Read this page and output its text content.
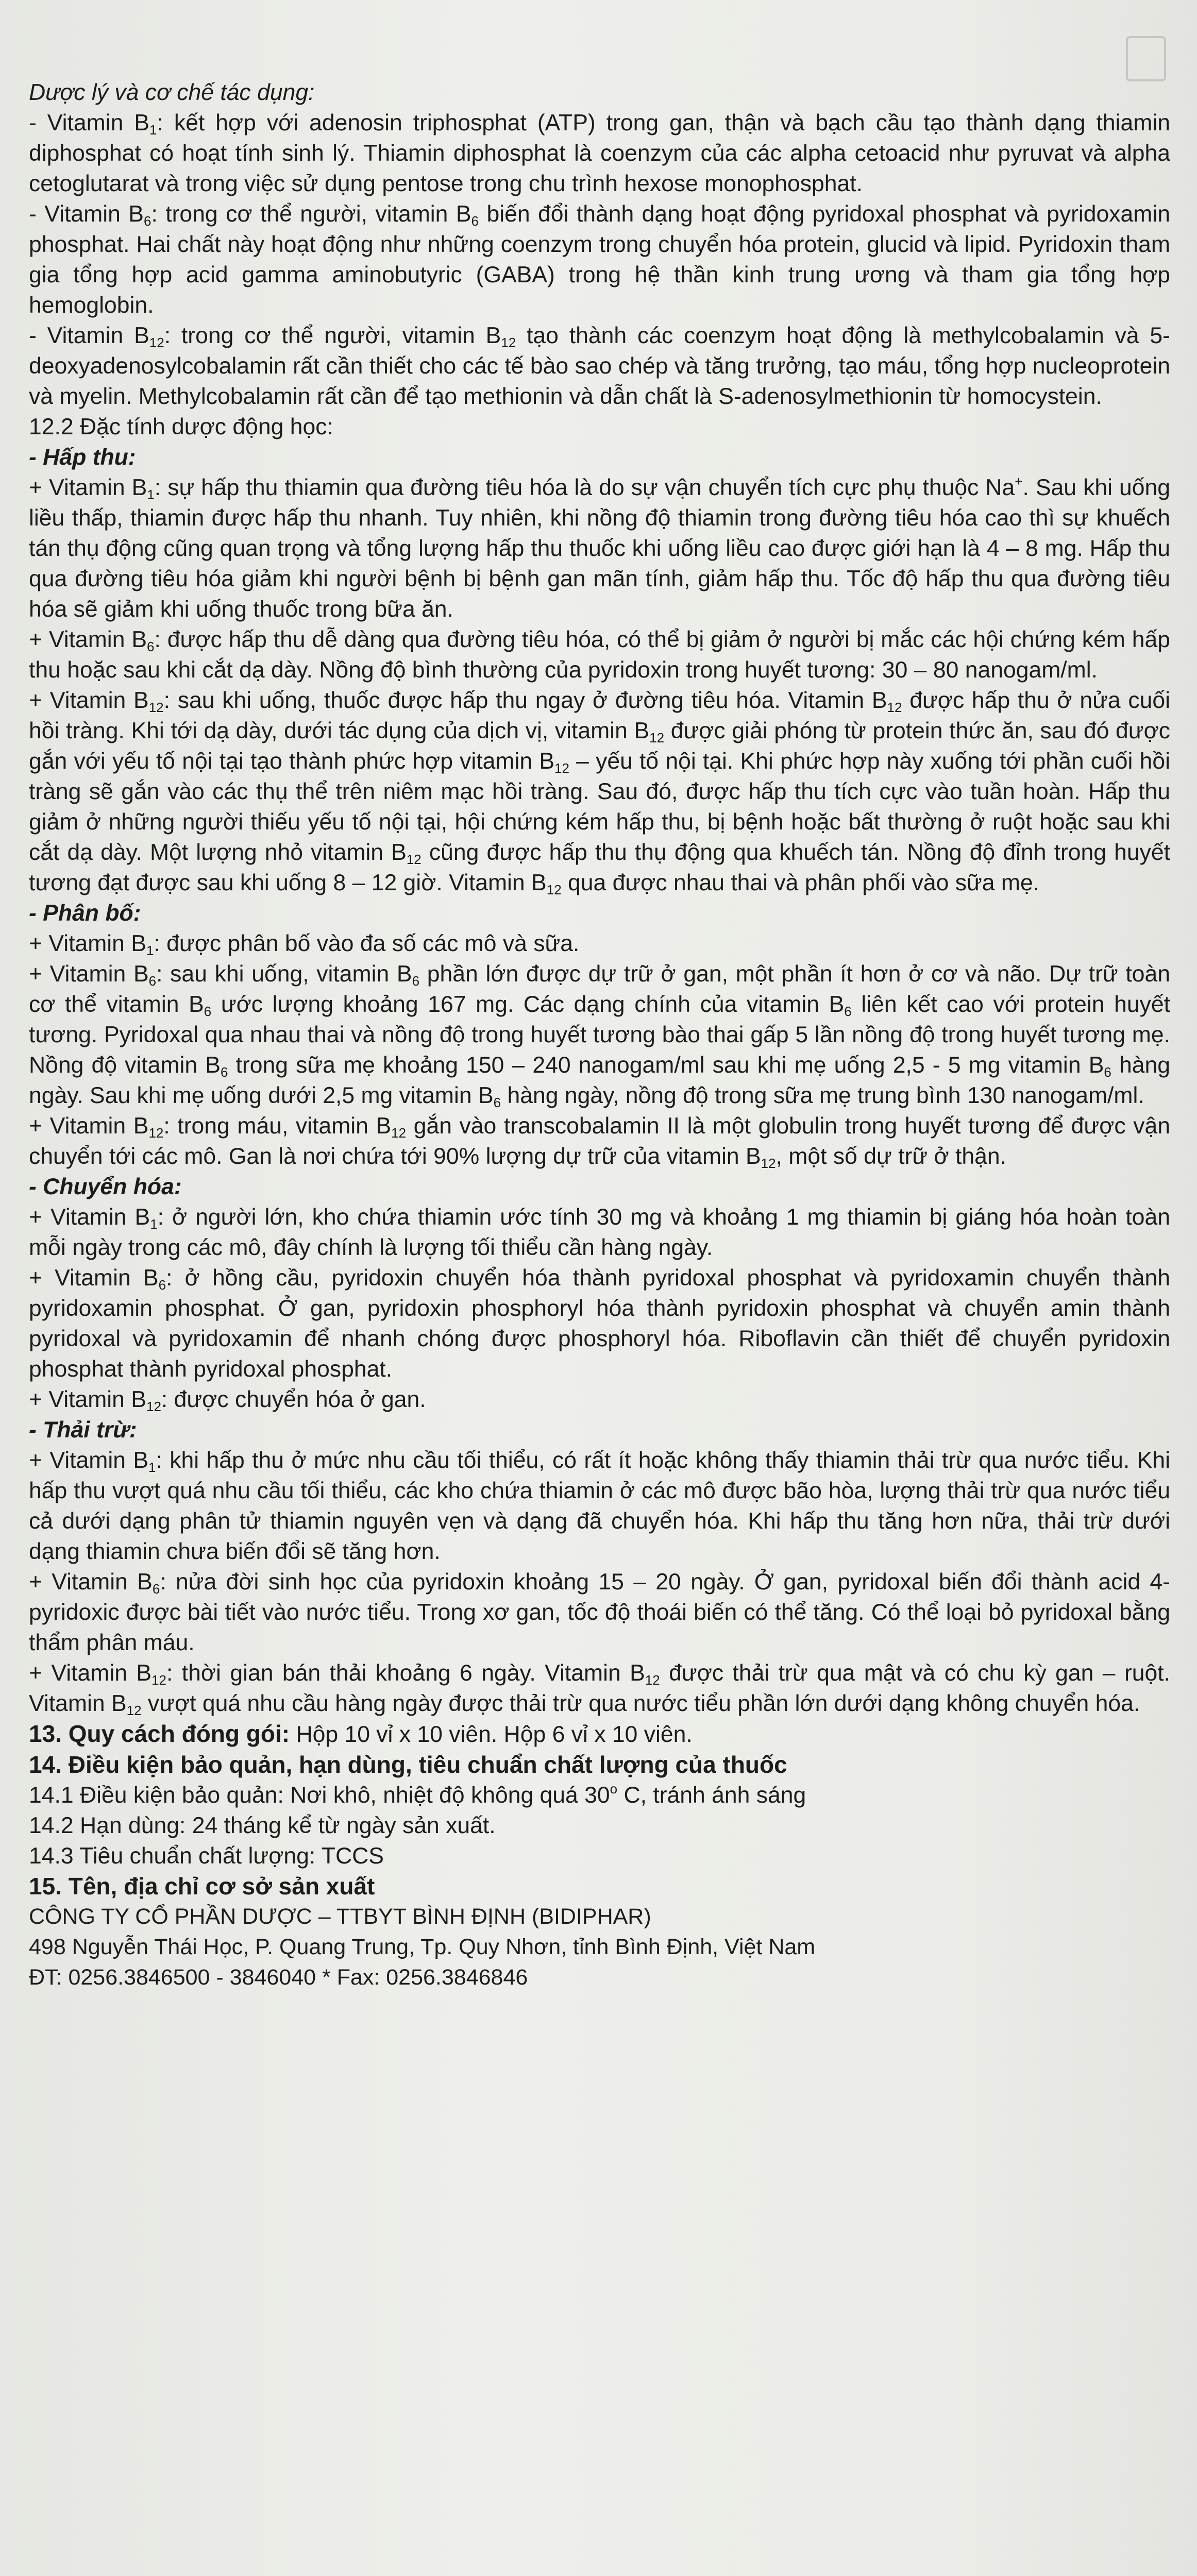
Dược lý và cơ chế tác dụng:

- Vitamin $B_1$: kết hợp với adenosin triphosphat (ATP) trong gan, thận và bạch cầu tạo thành dạng thiamin diphosphat có hoạt tính sinh lý. Thiamin diphosphat là coenzym của các alpha cetoacid như pyruvat và alpha cetoglutarat và trong việc sử dụng pentose trong chu trình hexose monophosphat.

- Vitamin $B_6$: trong cơ thể người, vitamin $B_6$ biến đổi thành dạng hoạt động pyridoxal phosphat và pyridoxamin phosphat. Hai chất này hoạt động như những coenzym trong chuyển hóa protein, glucid và lipid. Pyridoxin tham gia tổng hợp acid gamma aminobutyric (GABA) trong hệ thần kinh trung ương và tham gia tổng hợp hemoglobin.

- Vitamin $B_{12}$: trong cơ thể người, vitamin $B_{12}$ tạo thành các coenzym hoạt động là methylcobalamin và 5-deoxyadenosylcobalamin rất cần thiết cho các tế bào sao chép và tăng trưởng, tạo máu, tổng hợp nucleoprotein và myelin. Methylcobalamin rất cần để tạo methionin và dẫn chất là S-adenosylmethionin từ homocystein.

12.2 Đặc tính dược động học:

- Hấp thu:

+ Vitamin $B_1$: sự hấp thu thiamin qua đường tiêu hóa là do sự vận chuyển tích cực phụ thuộc Na+. Sau khi uống liều thấp, thiamin được hấp thu nhanh. Tuy nhiên, khi nồng độ thiamin trong đường tiêu hóa cao thì sự khuếch tán thụ động cũng quan trọng và tổng lượng hấp thu thuốc khi uống liều cao được giới hạn là 4 – 8 mg. Hấp thu qua đường tiêu hóa giảm khi người bệnh bị bệnh gan mãn tính, giảm hấp thu. Tốc độ hấp thu qua đường tiêu hóa sẽ giảm khi uống thuốc trong bữa ăn.

+ Vitamin $B_6$: được hấp thu dễ dàng qua đường tiêu hóa, có thể bị giảm ở người bị mắc các hội chứng kém hấp thu hoặc sau khi cắt dạ dày. Nồng độ bình thường của pyridoxin trong huyết tương: 30 – 80 nanogam/ml.

+ Vitamin $B_{12}$: sau khi uống, thuốc được hấp thu ngay ở đường tiêu hóa. Vitamin $B_{12}$ được hấp thu ở nửa cuối hồi tràng. Khi tới dạ dày, dưới tác dụng của dịch vị, vitamin $B_{12}$ được giải phóng từ protein thức ăn, sau đó được gắn với yếu tố nội tại tạo thành phức hợp vitamin $B_{12}$ – yếu tố nội tại. Khi phức hợp này xuống tới phần cuối hồi tràng sẽ gắn vào các thụ thể trên niêm mạc hồi tràng. Sau đó, được hấp thu tích cực vào tuần hoàn. Hấp thu giảm ở những người thiếu yếu tố nội tại, hội chứng kém hấp thu, bị bệnh hoặc bất thường ở ruột hoặc sau khi cắt dạ dày. Một lượng nhỏ vitamin $B_{12}$ cũng được hấp thu thụ động qua khuếch tán. Nồng độ đỉnh trong huyết tương đạt được sau khi uống 8 – 12 giờ. Vitamin $B_{12}$ qua được nhau thai và phân phối vào sữa mẹ.

- Phân bố:

+ Vitamin $B_1$: được phân bố vào đa số các mô và sữa.

+ Vitamin $B_6$: sau khi uống, vitamin $B_6$ phần lớn được dự trữ ở gan, một phần ít hơn ở cơ và não. Dự trữ toàn cơ thể vitamin $B_6$ ước lượng khoảng 167 mg. Các dạng chính của vitamin $B_6$ liên kết cao với protein huyết tương. Pyridoxal qua nhau thai và nồng độ trong huyết tương bào thai gấp 5 lần nồng độ trong huyết tương mẹ. Nồng độ vitamin $B_6$ trong sữa mẹ khoảng 150 – 240 nanogam/ml sau khi mẹ uống 2,5 - 5 mg vitamin $B_6$ hàng ngày. Sau khi mẹ uống dưới 2,5 mg vitamin $B_6$ hàng ngày, nồng độ trong sữa mẹ trung bình 130 nanogam/ml.

+ Vitamin $B_{12}$: trong máu, vitamin $B_{12}$ gắn vào transcobalamin II là một globulin trong huyết tương để được vận chuyển tới các mô. Gan là nơi chứa tới 90% lượng dự trữ của vitamin $B_{12}$, một số dự trữ ở thận.

- Chuyển hóa:

+ Vitamin $B_1$: ở người lớn, kho chứa thiamin ước tính 30 mg và khoảng 1 mg thiamin bị giáng hóa hoàn toàn mỗi ngày trong các mô, đây chính là lượng tối thiểu cần hàng ngày.

+ Vitamin $B_6$: ở hồng cầu, pyridoxin chuyển hóa thành pyridoxal phosphat và pyridoxamin chuyển thành pyridoxamin phosphat. Ở gan, pyridoxin phosphoryl hóa thành pyridoxin phosphat và chuyển amin thành pyridoxal và pyridoxamin để nhanh chóng được phosphoryl hóa. Riboflavin cần thiết để chuyển pyridoxin phosphat thành pyridoxal phosphat.

+ Vitamin $B_{12}$: được chuyển hóa ở gan.

- Thải trừ:

+ Vitamin $B_1$: khi hấp thu ở mức nhu cầu tối thiểu, có rất ít hoặc không thấy thiamin thải trừ qua nước tiểu. Khi hấp thu vượt quá nhu cầu tối thiểu, các kho chứa thiamin ở các mô được bão hòa, lượng thải trừ qua nước tiểu cả dưới dạng phân tử thiamin nguyên vẹn và dạng đã chuyển hóa. Khi hấp thu tăng hơn nữa, thải trừ dưới dạng thiamin chưa biến đổi sẽ tăng hơn.

+ Vitamin $B_6$: nửa đời sinh học của pyridoxin khoảng 15 – 20 ngày. Ở gan, pyridoxal biến đổi thành acid 4-pyridoxic được bài tiết vào nước tiểu. Trong xơ gan, tốc độ thoái biến có thể tăng. Có thể loại bỏ pyridoxal bằng thẩm phân máu.

+ Vitamin $B_{12}$: thời gian bán thải khoảng 6 ngày. Vitamin $B_{12}$ được thải trừ qua mật và có chu kỳ gan – ruột. Vitamin $B_{12}$ vượt quá nhu cầu hàng ngày được thải trừ qua nước tiểu phần lớn dưới dạng không chuyển hóa.

13. Quy cách đóng gói: Hộp 10 vỉ x 10 viên. Hộp 6 vỉ x 10 viên.

14. Điều kiện bảo quản, hạn dùng, tiêu chuẩn chất lượng của thuốc

14.1 Điều kiện bảo quản: Nơi khô, nhiệt độ không quá 30$^o$ C, tránh ánh sáng

14.2 Hạn dùng: 24 tháng kể từ ngày sản xuất.

14.3 Tiêu chuẩn chất lượng: TCCS

15. Tên, địa chỉ cơ sở sản xuất

CÔNG TY CỔ PHẦN DƯỢC – TTBYT BÌNH ĐỊNH (BIDIPHAR)

498 Nguyễn Thái Học, P. Quang Trung, Tp. Quy Nhơn, tỉnh Bình Định, Việt Nam

ĐT: 0256.3846500 - 3846040 * Fax: 0256.3846846
